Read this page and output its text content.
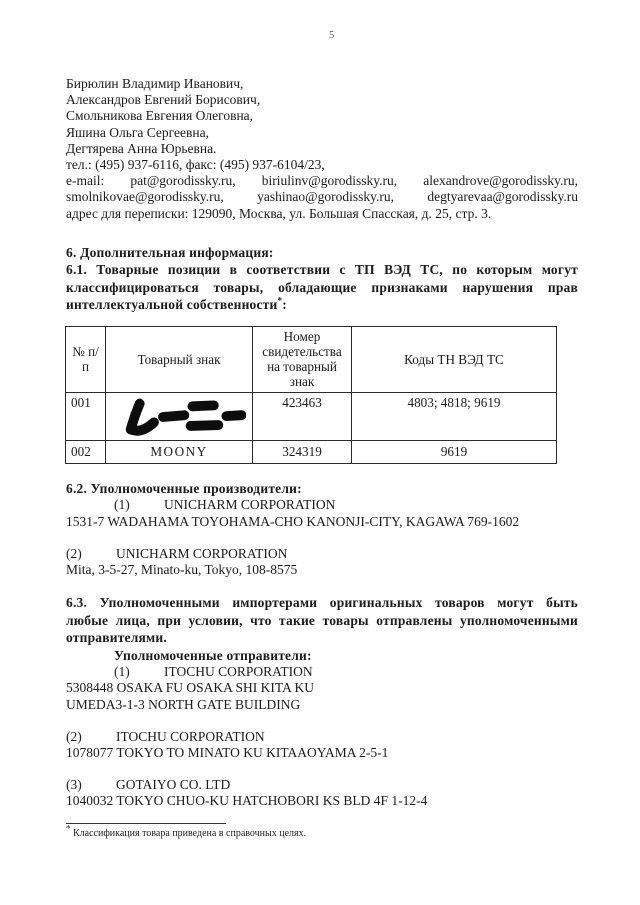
5
Бирюлин Владимир Иванович,
Александров Евгений Борисович,
Смольникова Евгения Олеговна,
Яшина Ольга Сергеевна,
Дегтярева Анна Юрьевна.
тел.: (495) 937-6116, факс: (495) 937-6104/23,
e-mail: pat@gorodissky.ru, biriulinv@gorodissky.ru, alexandrove@gorodissky.ru,
smolnikovae@gorodissky.ru, yashinao@gorodissky.ru, degtyarevaa@gorodissky.ru
адрес для переписки: 129090, Москва, ул. Большая Спасская, д. 25, стр. 3.
6. Дополнительная информация:
6.1. Товарные позиции в соответствии с ТП ВЭД ТС, по которым могут
классифицироваться товары, обладающие признаками нарушения прав
интеллектуальной собственности*:
№ п/п	Товарный знак	Номер свидетельства на товарный знак	Коды ТН ВЭД ТС
001		423463	4803; 4818; 9619
002	MOONY	324319	9619
6.2. Уполномоченные производители:
(1)	UNICHARM CORPORATION
1531-7 WADAHAMA TOYOHAMA-CHO KANONJI-CITY, KAGAWA 769-1602
(2)	UNICHARM CORPORATION
Mita, 3-5-27, Minato-ku, Tokyo, 108-8575
6.3. Уполномоченными импортерами оригинальных товаров могут быть
любые лица, при условии, что такие товары отправлены уполномоченными
отправителями.
Уполномоченные отправители:
(1)	ITOCHU CORPORATION
5308448 OSAKA FU OSAKA SHI KITA KU
UMEDA3-1-3 NORTH GATE BUILDING
(2)	ITOCHU CORPORATION
1078077 TOKYO TO MINATO KU KITAAOYAMA 2-5-1
(3)	GOTAIYO CO. LTD
1040032 TOKYO CHUO-KU HATCHOBORI KS BLD 4F 1-12-4
* Классификация товара приведена в справочных целях.
